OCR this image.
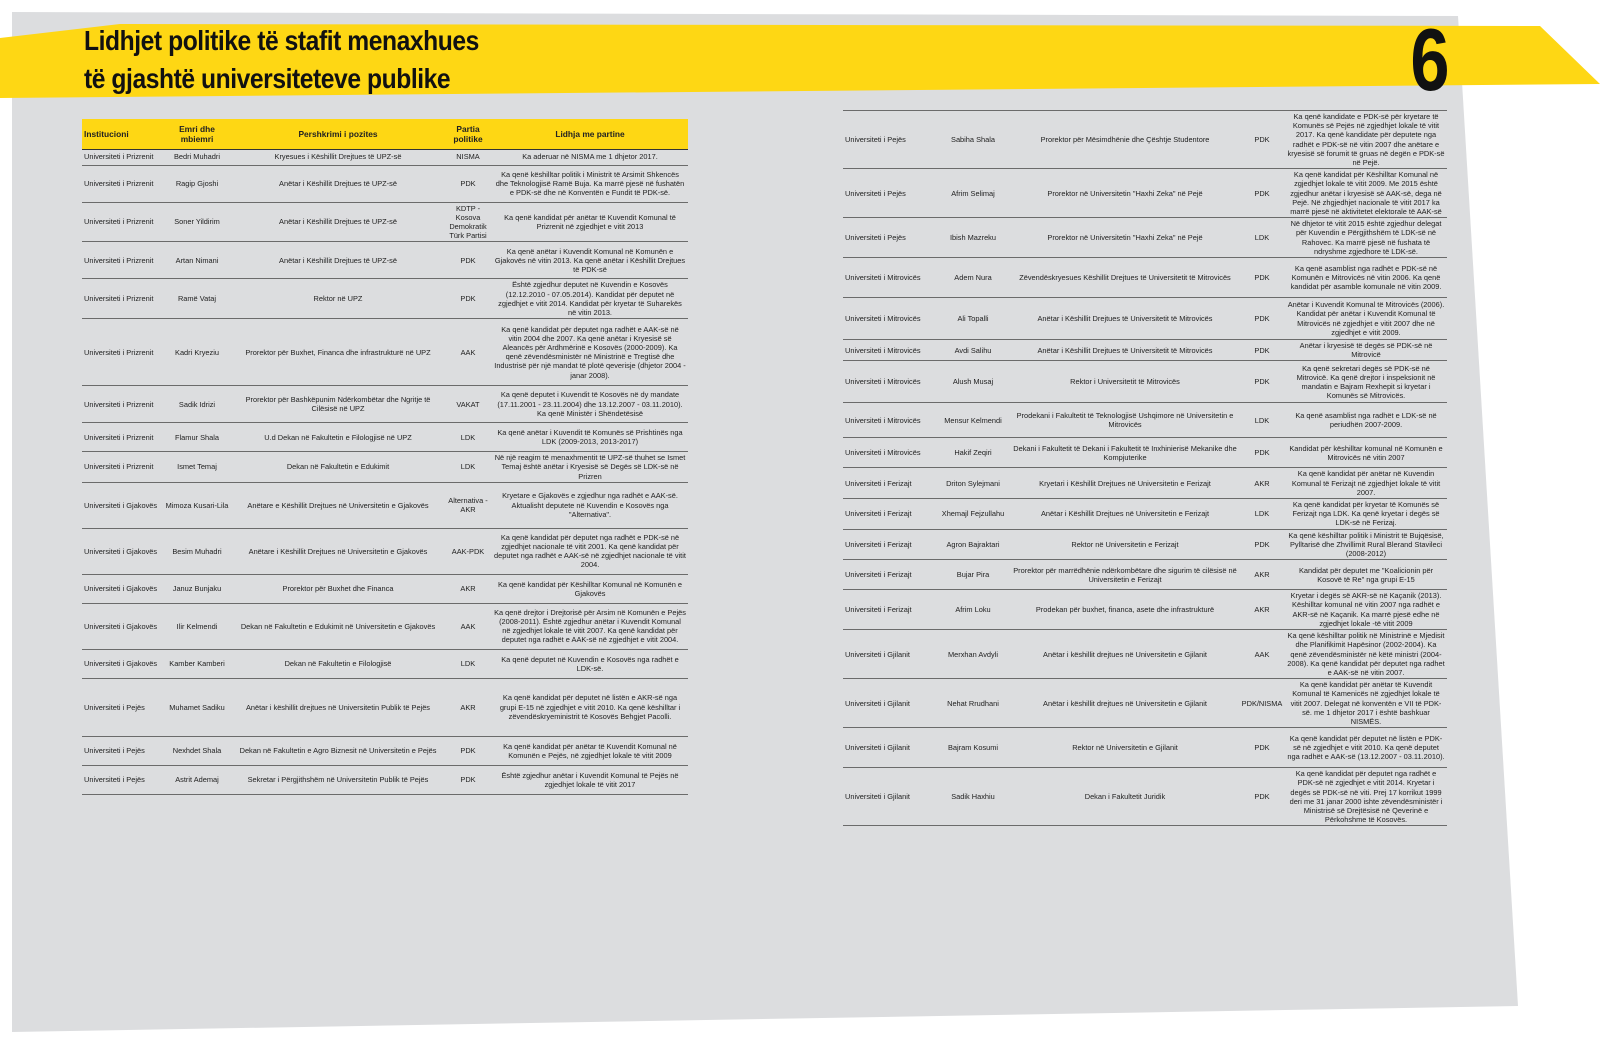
Lidhjet politike të stafit menaxhues
të gjashtë universiteteve publike	6
Institucioni	Emri dhe mbiemri	Pershkrimi i pozites	Partia politike	Lidhja me partine
Universiteti i Prizrenit	Bedri Muhadri	Kryesues i Këshillit Drejtues të UPZ-së	NISMA	Ka aderuar në NISMA me 1 dhjetor 2017.
Universiteti i Prizrenit	Ragip Gjoshi	Anëtar i Këshillit Drejtues të UPZ-së	PDK	Ka qenë këshilltar politik i Ministrit të Arsimit Shkencës dhe Teknologjisë Ramë Buja. Ka marrë pjesë në fushatën e PDK-së dhe në Konventën e Fundit të PDK-së.
Universiteti i Prizrenit	Soner Yildirim	Anëtar i Këshillit Drejtues të UPZ-së	KDTP - Kosova Demokratik Türk Partisi	Ka qenë kandidat për anëtar të Kuvendit Komunal të Prizrenit në zgjedhjet e vitit 2013
Universiteti i Prizrenit	Artan Nimani	Anëtar i Këshillit Drejtues të UPZ-së	PDK	Ka qenë anëtar i Kuvendit Komunal në Komunën e Gjakovës në vitin 2013. Ka qenë anëtar i Këshillit Drejtues të PDK-së
Universiteti i Prizrenit	Ramë Vataj	Rektor në UPZ	PDK	Është zgjedhur deputet në Kuvendin e Kosovës (12.12.2010 - 07.05.2014). Kandidat për deputet në zgjedhjet e vitit 2014. Kandidat për kryetar të Suharekës në vitin 2013.
Universiteti i Prizrenit	Kadri Kryeziu	Prorektor për Buxhet, Financa dhe infrastrukturë në UPZ	AAK	Ka qenë kandidat për deputet nga radhët e AAK-së në vitin 2004 dhe 2007. Ka qenë anëtar i Kryesisë së Aleancës për Ardhmërinë e Kosovës (2000-2009). Ka qenë zëvendësministër në Ministrinë e Tregtisë dhe Industrisë për një mandat të plotë qeverisje (dhjetor 2004 - janar 2008).
Universiteti i Prizrenit	Sadik Idrizi	Prorektor për Bashkëpunim Ndërkombëtar dhe Ngritje të Cilësisë në UPZ	VAKAT	Ka qenë deputet i Kuvendit të Kosovës në dy mandate (17.11.2001 - 23.11.2004) dhe 13.12.2007 - 03.11.2010). Ka qenë Ministër i Shëndetësisë
Universiteti i Prizrenit	Flamur Shala	U.d Dekan në Fakultetin e Filologjisë në UPZ	LDK	Ka qenë anëtar i Kuvendit të Komunës së Prishtinës nga LDK (2009-2013, 2013-2017)
Universiteti i Prizrenit	Ismet Temaj	Dekan në Fakultetin e Edukimit	LDK	Në një reagim të menaxhmentit të UPZ-së thuhet se Ismet Temaj është anëtar i Kryesisë së Degës së LDK-së në Prizren
Universiteti i Gjakovës	Mimoza Kusari-Lila	Anëtare e Këshillit Drejtues në Universitetin e Gjakovës	Alternativa - AKR	Kryetare e Gjakovës e zgjedhur nga radhët e AAK-së. Aktualisht deputete në Kuvendin e Kosovës nga "Alternativa".
Universiteti i Gjakovës	Besim Muhadri	Anëtare i Këshillit Drejtues në Universitetin e Gjakovës	AAK-PDK	Ka qenë kandidat për deputet nga radhët e PDK-së në zgjedhjet nacionale të vitit 2001. Ka qenë kandidat për deputet nga radhët e AAK-së në zgjedhjet nacionale të vitit 2004.
Universiteti i Gjakovës	Januz Bunjaku	Prorektor për Buxhet dhe Financa	AKR	Ka qenë kandidat për Këshilltar Komunal në Komunën e Gjakovës
Universiteti i Gjakovës	Ilir Kelmendi	Dekan në Fakultetin e Edukimit në Universitetin e Gjakovës	AAK	Ka qenë drejtor i Drejtorisë për Arsim në Komunën e Pejës (2008-2011). Është zgjedhur anëtar i Kuvendit Komunal në zgjedhjet lokale të vitit 2007. Ka qenë kandidat për deputet nga radhët e AAK-së në zgjedhjet e vitit 2004.
Universiteti i Gjakovës	Kamber Kamberi	Dekan në Fakultetin e Filologjisë	LDK	Ka qenë deputet në Kuvendin e Kosovës nga radhët e LDK-së.
Universiteti i Pejës	Muhamet Sadiku	Anëtar i këshillit drejtues në Universitetin Publik të Pejës	AKR	Ka qenë kandidat për deputet në listën e AKR-së nga grupi E-15 në zgjedhjet e vitit 2010. Ka qenë këshilltar i zëvendëskryeministrit të Kosovës Behgjet Pacolli.
Universiteti i Pejës	Nexhdet Shala	Dekan në Fakultetin e Agro Biznesit në Universitetin e Pejës	PDK	Ka qenë kandidat për anëtar të Kuvendit Komunal në Komunën e Pejës, në zgjedhjet lokale të vitit 2009
Universiteti i Pejës	Astrit Ademaj	Sekretar i Përgjithshëm në Universitetin Publik të Pejës	PDK	Është zgjedhur anëtar i Kuvendit Komunal të Pejës në zgjedhjet lokale të vitit 2017
Universiteti i Pejës	Sabiha Shala	Prorektor për Mësimdhënie dhe Çështje Studentore	PDK	Ka qenë kandidate e PDK-së për kryetare të Komunës së Pejës në zgjedhjet lokale të vitit 2017. Ka qenë kandidate për deputete nga radhët e PDK-së në vitin 2007 dhe anëtare e kryesisë së forumit të gruas në degën e PDK-së në Pejë.
Universiteti i Pejës	Afrim Selimaj	Prorektor në Universitetin "Haxhi Zeka" në Pejë	PDK	Ka qenë kandidat për Këshilltar Komunal në zgjedhjet lokale të vitit 2009. Me 2015 është zgjedhur anëtar i kryesisë së AAK-së, dega në Pejë. Në zhgjedhjet nacionale të vitit 2017 ka marrë pjesë në aktivitetet elektorale të AAK-së
Universiteti i Pejës	Ibish Mazreku	Prorektor në Universitetin "Haxhi Zeka" në Pejë	LDK	Në dhjetor të vitit 2015 është zgjedhur delegat për Kuvendin e Përgjithshëm të LDK-së në Rahovec. Ka marrë pjesë në fushata të ndryshme zgjedhore të LDK-së.
Universiteti i Mitrovicës	Adem Nura	Zëvendëskryesues Këshillit Drejtues të Universitetit të Mitrovicës	PDK	Ka qenë asamblist nga radhët e PDK-së në Komunën e Mitrovicës në vitin 2006. Ka qenë kandidat për asamble komunale në vitin 2009.
Universiteti i Mitrovicës	Ali Topalli	Anëtar i Këshillit Drejtues të Universitetit të Mitrovicës	PDK	Anëtar i Kuvendit Komunal të Mitrovicës (2006). Kandidat për anëtar i Kuvendit Komunal të Mitrovicës në zgjedhjet e vitit 2007 dhe në zgjedhjet e vitit 2009.
Universiteti i Mitrovicës	Avdi Salihu	Anëtar i Këshillit Drejtues të Universitetit të Mitrovicës	PDK	Anëtar i kryesisë të degës së PDK-së në Mitrovicë
Universiteti i Mitrovicës	Alush Musaj	Rektor i Universitetit të Mitrovicës	PDK	Ka qenë sekretari degës së PDK-së në Mitrovicë. Ka qenë drejtor i inspeksionit në mandatin e Bajram Rexhepit si kryetar i Komunës së Mitrovicës.
Universiteti i Mitrovicës	Mensur Kelmendi	Prodekani i Fakultetit të Teknologjisë Ushqimore në Universitetin e Mitrovicës	LDK	Ka qenë asamblist nga radhët e LDK-së në periudhën 2007-2009.
Universiteti i Mitrovicës	Hakif Zeqiri	Dekani i Fakultetit të Dekani i Fakultetit të Inxhinierisë Mekanike dhe Kompjuterike	PDK	Kandidat për këshilltar komunal në Komunën e Mitrovicës në vitin 2007
Universiteti i Ferizajt	Driton Sylejmani	Kryetari i Këshillit Drejtues në Universitetin e Ferizajt	AKR	Ka qenë kandidat për anëtar në Kuvendin Komunal të Ferizajt në zgjedhjet lokale të vitit 2007.
Universiteti i Ferizajt	Xhemajl Fejzullahu	Anëtar i Këshillit Drejtues në Universitetin e Ferizajt	LDK	Ka qenë kandidat për kryetar të Komunës së Ferizajt nga LDK. Ka qenë kryetar i degës së LDK-së në Ferizaj.
Universiteti i Ferizajt	Agron Bajraktari	Rektor në Universitetin e Ferizajt	PDK	Ka qenë këshilltar politik i Ministrit të Bujqësisë, Pylltarisë dhe Zhvillimit Rural Blerand Stavileci (2008-2012)
Universiteti i Ferizajt	Bujar Pira	Prorektor për marrëdhënie ndërkombëtare dhe sigurim të cilësisë në Universitetin e Ferizajt	AKR	Kandidat për deputet me "Koalicionin për Kosovë të Re" nga grupi E-15
Universiteti i Ferizajt	Afrim Loku	Prodekan për buxhet, financa, asete dhe infrastrukturë	AKR	Kryetar i degës së AKR-së në Kaçanik (2013). Këshilltar komunal në vitin 2007 nga radhët e AKR-së në Kaçanik. Ka marrë pjesë edhe në zgjedhjet lokale -të vitit 2009
Universiteti i Gjilanit	Merxhan Avdyli	Anëtar i këshillit drejtues në Universitetin e Gjilanit	AAK	Ka qenë këshilltar politik në Ministrinë e Mjedisit dhe Planifikimit Hapësinor (2002-2004). Ka qenë zëvendësministër në këtë ministri (2004-2008). Ka qenë kandidat për deputet nga radhet e AAK-së në vitin 2007.
Universiteti i Gjilanit	Nehat Rrudhani	Anëtar i këshillit drejtues në Universitetin e Gjilanit	PDK/NISMA	Ka qenë kandidat për anëtar të Kuvendit Komunal të Kamenicës në zgjedhjet lokale të vitit 2007. Delegat në konventën e VII të PDK-së. me 1 dhjetor 2017 i është bashkuar NISMËS.
Universiteti i Gjilanit	Bajram Kosumi	Rektor në Universitetin e Gjilanit	PDK	Ka qenë kandidat për deputet në listën e PDK-së në zgjedhjet e vitit 2010. Ka qenë deputet nga radhët e AAK-së (13.12.2007 - 03.11.2010).
Universiteti i Gjilanit	Sadik Haxhiu	Dekan i Fakultetit Juridik	PDK	Ka qenë kandidat për deputet nga radhët e PDK-së në zgjedhjet e vitit 2014. Kryetar i degës së PDK-së në viti. Prej 17 korrikut 1999 deri me 31 janar 2000 ishte zëvendësministër i Ministrisë së Drejtësisë në Qeverinë e Përkohshme të Kosovës.
